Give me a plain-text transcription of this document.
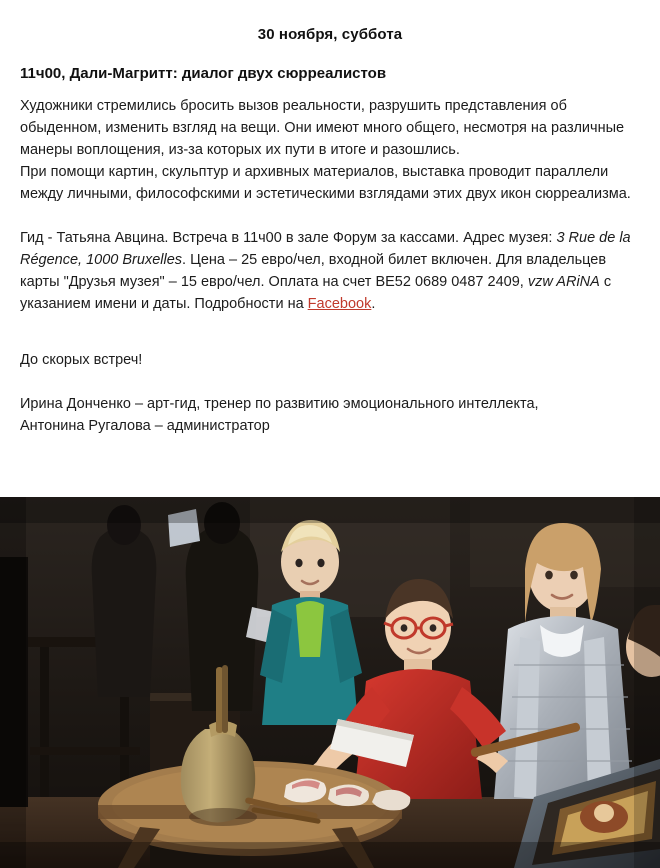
30 ноября, суббота
11ч00, Дали-Магритт: диалог двух сюрреалистов

Художники стремились бросить вызов реальности, разрушить представления об обыденном, изменить взгляд на вещи. Они имеют много общего, несмотря на различные манеры воплощения, из-за которых их пути в итоге и разошлись.

При помощи картин, скульптур и архивных материалов, выставка проводит параллели между личными, философскими и эстетическими взглядами этих двух икон сюрреализма.

Гид - Татьяна Авцина. Встреча в 11ч00 в зале Форум за кассами. Адрес музея: 3 Rue de la Régence, 1000 Bruxelles. Цена – 25 евро/чел, входной билет включен. Для владельцев карты "Друзья музея" – 15 евро/чел. Оплата на счет BE52 0689 0487 2409, vzw ARiNA с указанием имени и даты. Подробности на Facebook.

До скорых встреч!

Ирина Донченко – арт-гид, тренер по развитию эмоционального интеллекта,

Антонина Ругалова – администратор
